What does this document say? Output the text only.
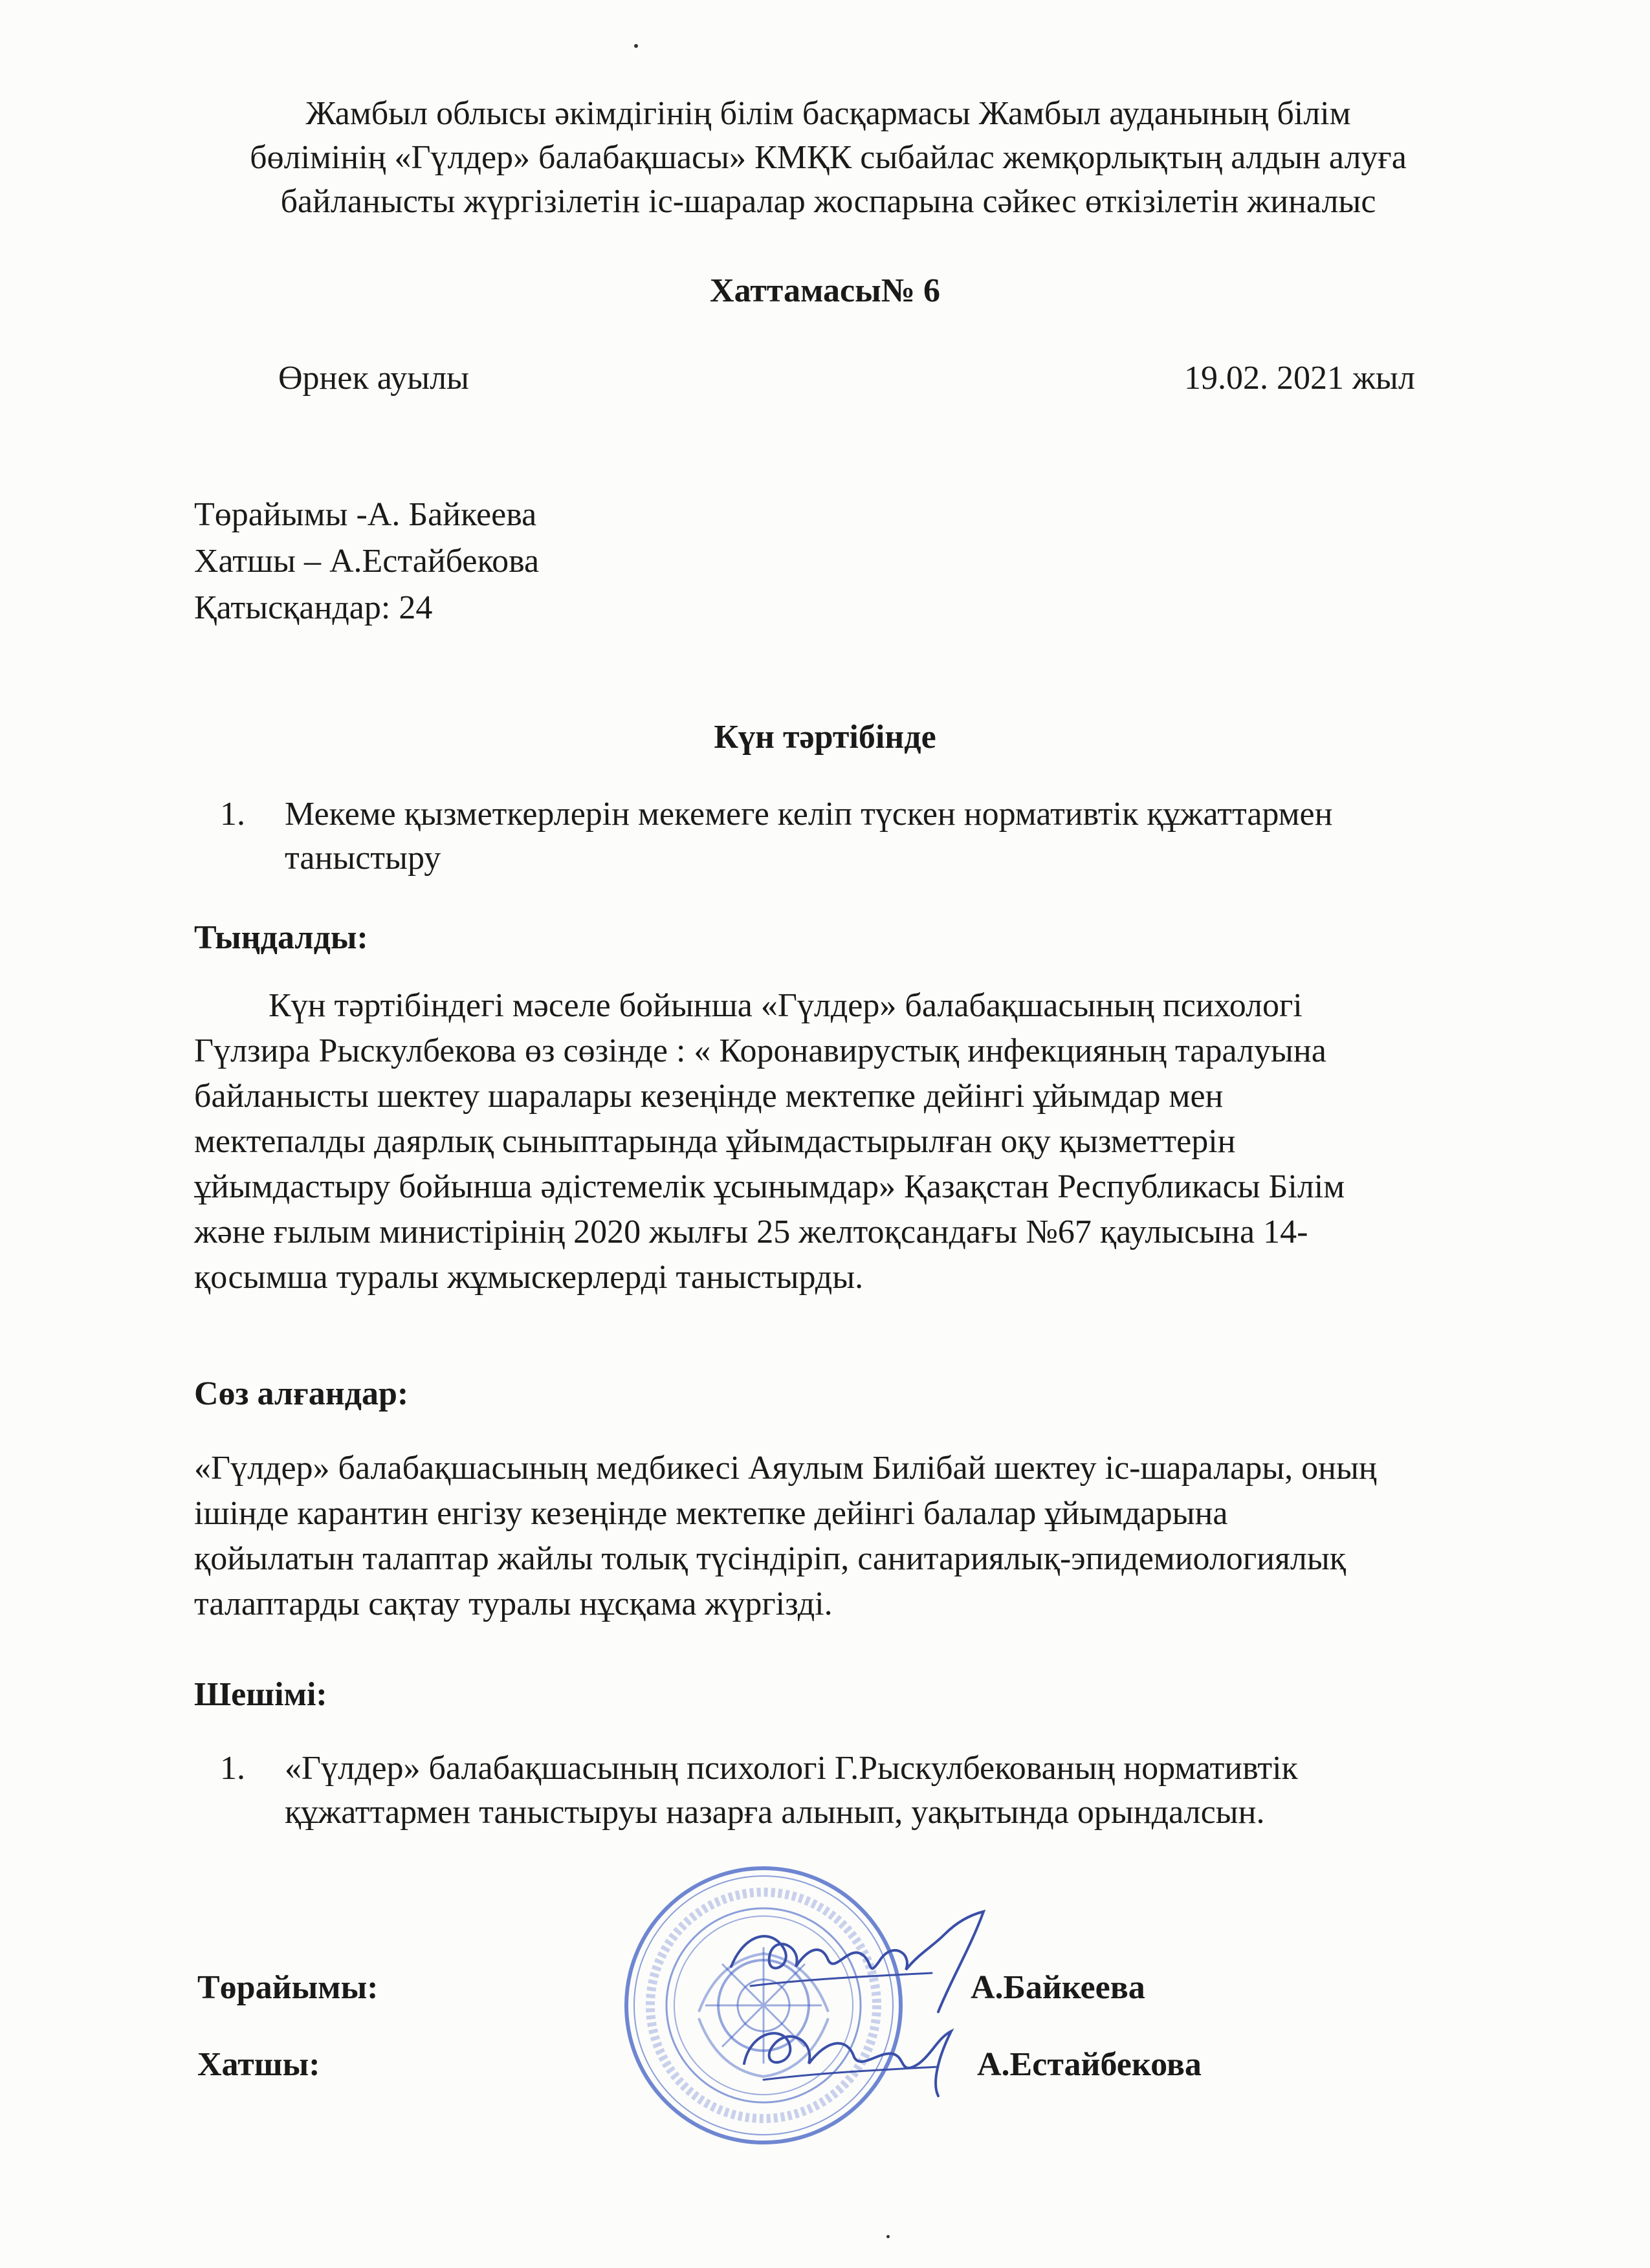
Жамбыл облысы әкімдігінің білім басқармасы Жамбыл ауданының білім
бөлімінің «Гүлдер» балабақшасы» КМҚК сыбайлас жемқорлықтың алдын алуға
байланысты жүргізілетін іс-шаралар жоспарына сәйкес өткізілетін жиналыс
Хаттамасы№ 6
Өрнек ауылы	19.02. 2021 жыл
Төрайымы -А. Байкеева
Хатшы – А.Естайбекова
Қатысқандар: 24
Күн тәртібінде
1. Мекеме қызметкерлерін мекемеге келіп түскен нормативтік құжаттармен
таныстыру
Тыңдалды:
Күн тәртібіндегі мәселе бойынша «Гүлдер» балабақшасының психологі
Гүлзира Рыскулбекова өз сөзінде : « Коронавирустық инфекцияның таралуына
байланысты шектеу шаралары кезеңінде мектепке дейінгі ұйымдар мен
мектепалды даярлық сыныптарында ұйымдастырылған оқу қызметтерін
ұйымдастыру бойынша әдістемелік ұсынымдар» Қазақстан Республикасы Білім
және ғылым министірінің 2020 жылғы 25 желтоқсандағы №67 қаулысына 14-
қосымша туралы жұмыскерлерді таныстырды.
Сөз алғандар:
«Гүлдер» балабақшасының медбикесі Аяулым Билібай шектеу іс-шаралары, оның
ішінде карантин енгізу кезеңінде мектепке дейінгі балалар ұйымдарына
қойылатын талаптар жайлы толық түсіндіріп, санитариялық-эпидемиологиялық
талаптарды сақтау туралы нұсқама жүргізді.
Шешімі:
1. «Гүлдер» балабақшасының психологі Г.Рыскулбекованың нормативтік
құжаттармен таныстыруы назарға алынып, уақытында орындалсын.
Төрайымы:	А.Байкеева
Хатшы:	А.Естайбекова
